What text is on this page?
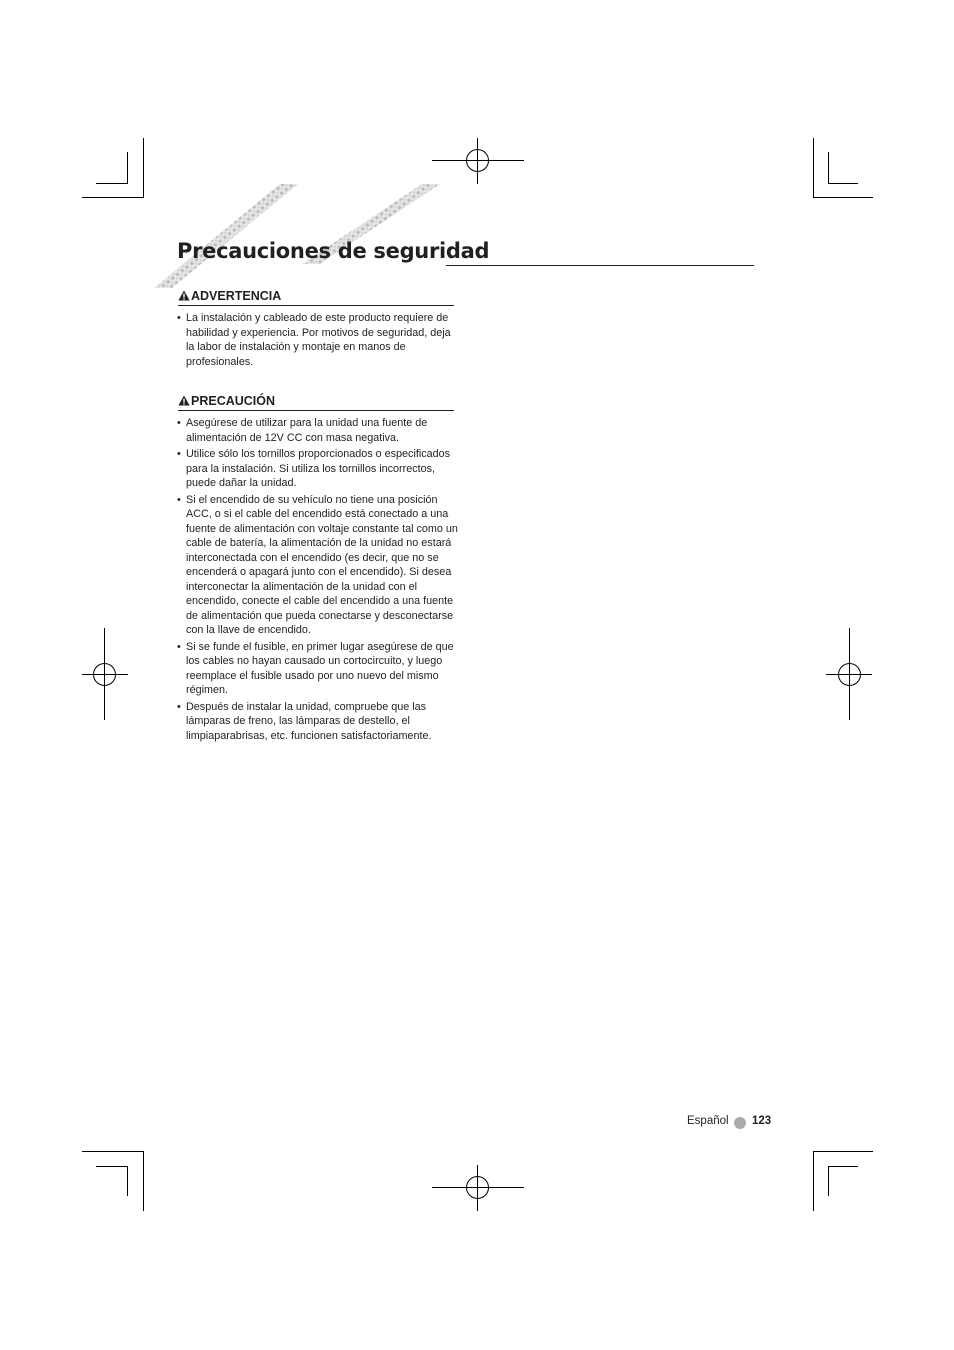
Precauciones de seguridad
ADVERTENCIA
• La instalación y cableado de este producto requiere de habilidad y experiencia. Por motivos de seguridad, deja la labor de instalación y montaje en manos de profesionales.
PRECAUCIÓN
• Asegúrese de utilizar para la unidad una fuente de alimentación de 12V CC con masa negativa.
• Utilice sólo los tornillos proporcionados o especificados para la instalación. Si utiliza los tornillos incorrectos, puede dañar la unidad.
• Si el encendido de su vehículo no tiene una posición ACC, o si el cable del encendido está conectado a una fuente de alimentación con voltaje constante tal como un cable de batería, la alimentación de la unidad no estará interconectada con el encendido (es decir, que no se encenderá o apagará junto con el encendido). Si desea interconectar la alimentación de la unidad con el encendido, conecte el cable del encendido a una fuente de alimentación que pueda conectarse y desconectarse con la llave de encendido.
• Si se funde el fusible, en primer lugar asegúrese de que los cables no hayan causado un cortocircuito, y luego reemplace el fusible usado por uno nuevo del mismo régimen.
• Después de instalar la unidad, compruebe que las lámparas de freno, las lámparas de destello, el limpiaparabrisas, etc. funcionen satisfactoriamente.
Español 123
